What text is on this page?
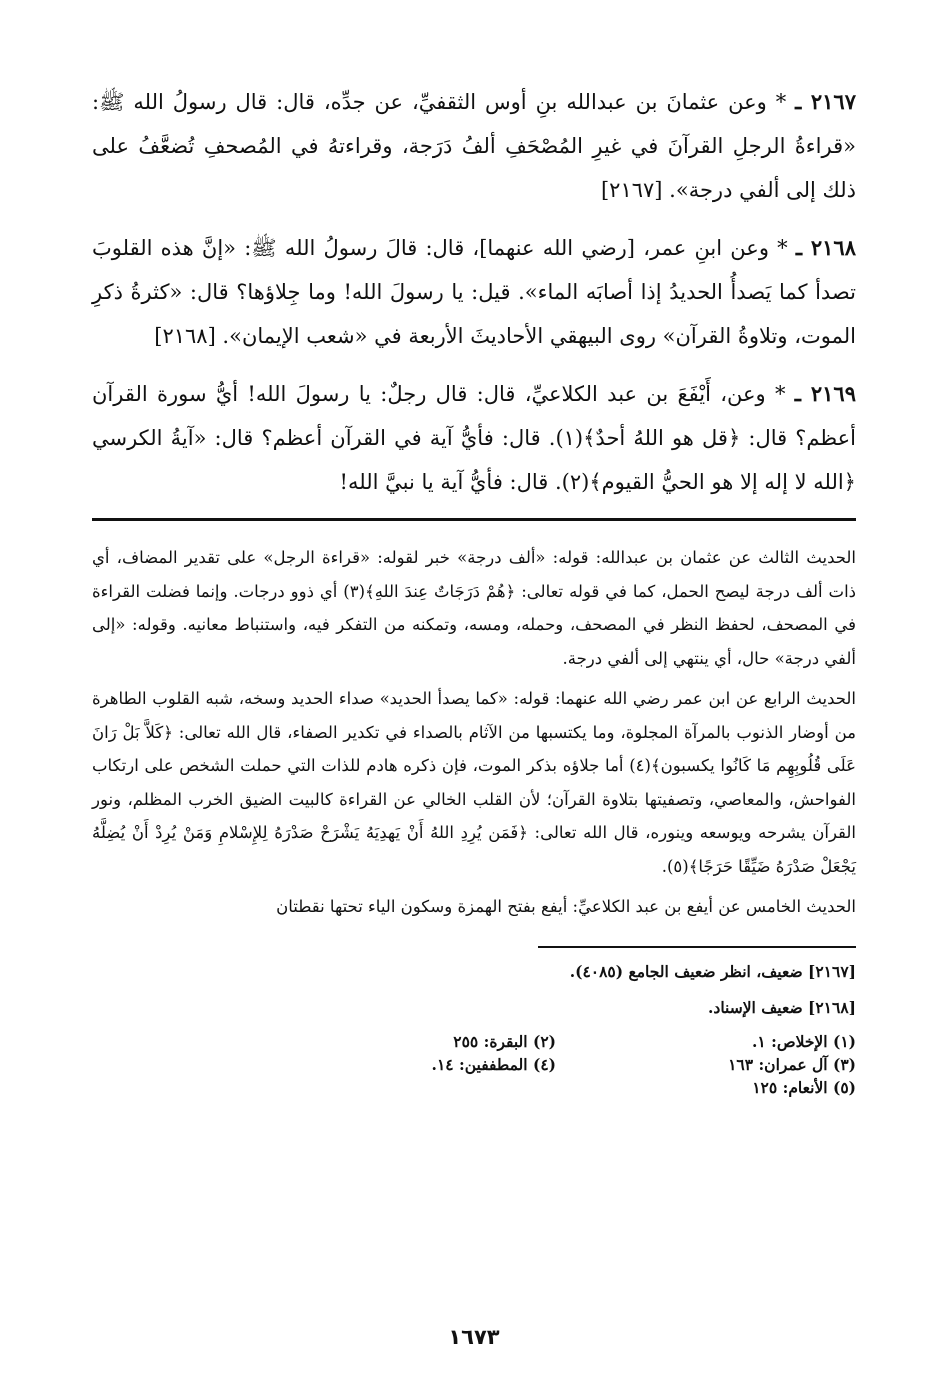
٢١٦٧ ـ * وعن عثمانَ بن عبدالله بنِ أوس الثقفيِّ، عن جدِّه، قال: قال رسولُ الله ﷺ: «قراءةُ الرجلِ القرآنَ في غيرِ المُصْحَفِ ألفُ دَرَجة، وقراءتهُ في المُصحفِ تُضعَّفُ على ذلك إلى ألفي درجة». [٢١٦٧]

٢١٦٨ ـ * وعن ابنِ عمر، [رضي الله عنهما]، قال: قالَ رسولُ الله ﷺ: «إنَّ هذه القلوبَ تصدأ كما يَصدأُ الحديدُ إذا أصابَه الماء». قيل: يا رسولَ الله! وما جِلاؤها؟ قال: «كثرةُ ذكرِ الموت، وتلاوةُ القرآن» روى البيهقي الأحاديثَ الأربعة في «شعب الإيمان». [٢١٦٨]

٢١٦٩ ـ * وعن، أَيْفَعَ بن عبد الكلاعيِّ، قال: قال رجلٌ: يا رسولَ الله! أيُّ سورة القرآن أعظم؟ قال: ﴿قل هو اللهُ أحدٌ﴾(١). قال: فأيُّ آية في القرآن أعظم؟ قال: «آيةُ الكرسي ﴿الله لا إله إلا هو الحيُّ القيوم﴾(٢). قال: فأيُّ آية يا نبيَّ الله!

الحديث الثالث عن عثمان بن عبدالله: قوله: «ألف درجة» خبر لقوله: «قراءة الرجل» على تقدير المضاف، أي ذات ألف درجة ليصح الحمل، كما في قوله تعالى: ﴿هُمْ دَرَجَاتٌ عِندَ اللهِ﴾(٣) أي ذوو درجات. وإنما فضلت القراءة في المصحف، لحفظ النظر في المصحف، وحمله، ومسه، وتمكنه من التفكر فيه، واستنباط معانيه. وقوله: «إلى ألفي درجة» حال، أي ينتهي إلى ألفي درجة.

الحديث الرابع عن ابن عمر رضي الله عنهما: قوله: «كما يصدأ الحديد» صداء الحديد وسخه، شبه القلوب الطاهرة من أوضار الذنوب بالمرآة المجلوة، وما يكتسبها من الآثام بالصداء في تكدير الصفاء، قال الله تعالى: ﴿كَلاَّ بَلْ رَانَ عَلَى قُلُوبِهِم مَا كَانُوا يكسبون﴾(٤) أما جلاؤه بذكر الموت، فإن ذكره هادم للذات التي حملت الشخص على ارتكاب الفواحش، والمعاصي، وتصفيتها بتلاوة القرآن؛ لأن القلب الخالي عن القراءة كالبيت الضيق الخرب المظلم، ونور القرآن يشرحه ويوسعه وينوره، قال الله تعالى: ﴿فَمَن يُرِدِ اللهُ أَنْ يَهدِيَهُ يَشْرَحْ صَدْرَهُ لِلإِسْلامِ وَمَنْ يُرِدْ أَنْ يُضِلَّهُ يَجْعَلْ صَدْرَهُ ضَيِّقًا حَرَجًا﴾(٥).

الحديث الخامس عن أيفع بن عبد الكلاعيِّ: أيفع بفتح الهمزة وسكون الياء تحتها نقطتان

[٢١٦٧] ضعيف، انظر ضعيف الجامع (٤٠٨٥).

[٢١٦٨] ضعيف الإسناد.

(١) الإخلاص: ١.
(٢) البقرة: ٢٥٥
(٣) آل عمران: ١٦٣
(٤) المطففين: ١٤.
(٥) الأنعام: ١٢٥
١٦٧٣
